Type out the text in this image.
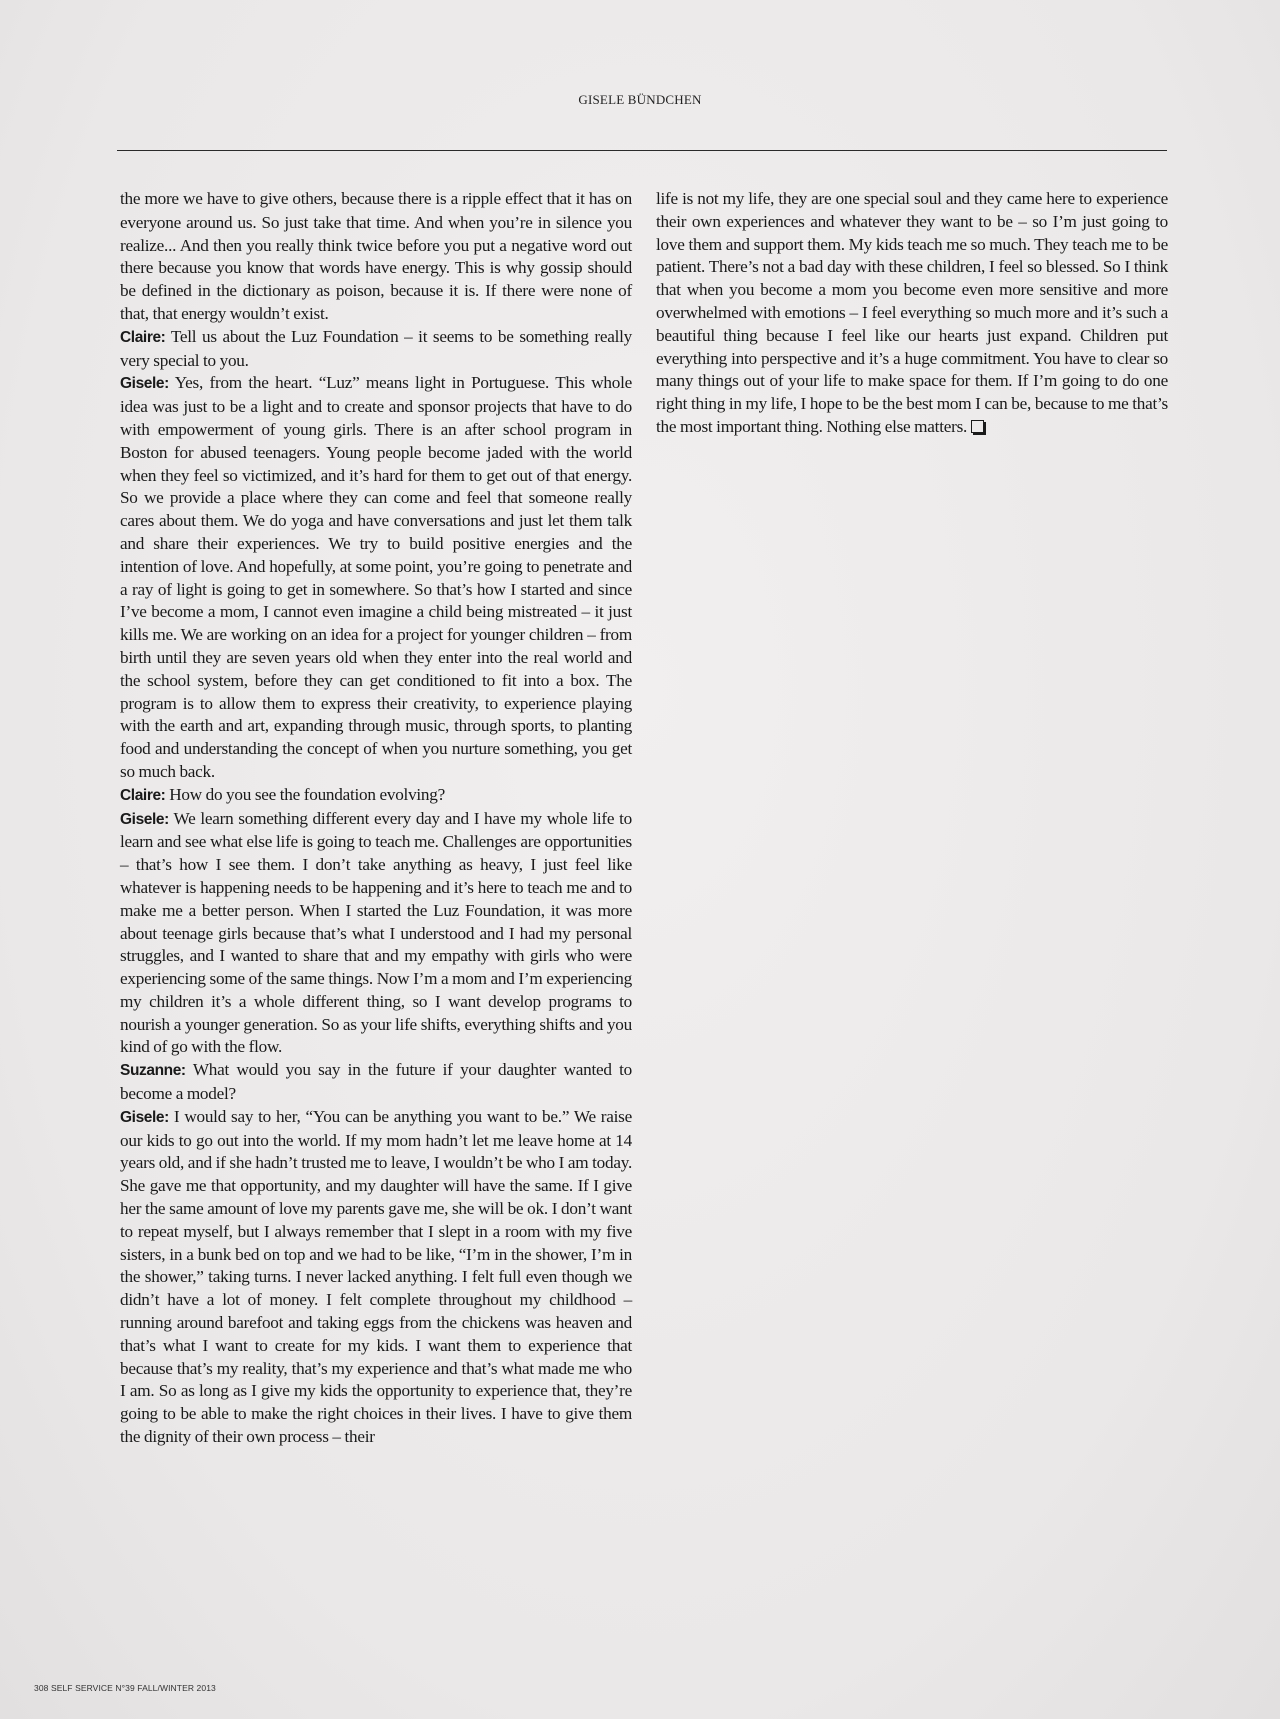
GISELE BÜNDCHEN

the more we have to give others, because there is a ripple effect that it has on everyone around us. So just take that time. And when you’re in silence you realize... And then you really think twice before you put a negative word out there because you know that words have energy. This is why gossip should be defined in the dictionary as poison, because it is. If there were none of that, that energy wouldn’t exist.

Claire: Tell us about the Luz Foundation – it seems to be something really very special to you.

Gisele: Yes, from the heart. “Luz” means light in Portuguese. This whole idea was just to be a light and to create and sponsor projects that have to do with empowerment of young girls. There is an after school program in Boston for abused teenagers. Young people become jaded with the world when they feel so victimized, and it’s hard for them to get out of that energy. So we provide a place where they can come and feel that someone really cares about them. We do yoga and have conversations and just let them talk and share their experiences. We try to build positive energies and the intention of love. And hopefully, at some point, you’re going to penetrate and a ray of light is going to get in somewhere. So that’s how I started and since I’ve become a mom, I cannot even imagine a child being mistreated – it just kills me. We are working on an idea for a project for younger children – from birth until they are seven years old when they enter into the real world and the school system, before they can get conditioned to fit into a box. The program is to allow them to express their creativity, to experience playing with the earth and art, expanding through music, through sports, to planting food and understanding the concept of when you nurture something, you get so much back.

Claire: How do you see the foundation evolving?

Gisele: We learn something different every day and I have my whole life to learn and see what else life is going to teach me. Challenges are opportunities – that’s how I see them. I don’t take anything as heavy, I just feel like whatever is happening needs to be happening and it’s here to teach me and to make me a better person. When I started the Luz Foundation, it was more about teenage girls because that’s what I understood and I had my personal struggles, and I wanted to share that and my empathy with girls who were experiencing some of the same things. Now I’m a mom and I’m experiencing my children it’s a whole different thing, so I want develop programs to nourish a younger generation. So as your life shifts, everything shifts and you kind of go with the flow.

Suzanne: What would you say in the future if your daughter wanted to become a model?

Gisele: I would say to her, “You can be anything you want to be.” We raise our kids to go out into the world. If my mom hadn’t let me leave home at 14 years old, and if she hadn’t trusted me to leave, I wouldn’t be who I am today. She gave me that opportunity, and my daughter will have the same. If I give her the same amount of love my parents gave me, she will be ok. I don’t want to repeat myself, but I always remember that I slept in a room with my five sisters, in a bunk bed on top and we had to be like, “I’m in the shower, I’m in the shower,” taking turns. I never lacked anything. I felt full even though we didn’t have a lot of money. I felt complete throughout my childhood – running around barefoot and taking eggs from the chickens was heaven and that’s what I want to create for my kids. I want them to experience that because that’s my reality, that’s my experience and that’s what made me who I am. So as long as I give my kids the opportunity to experience that, they’re going to be able to make the right choices in their lives. I have to give them the dignity of their own process – their

life is not my life, they are one special soul and they came here to experience their own experiences and whatever they want to be – so I’m just going to love them and support them. My kids teach me so much. They teach me to be patient. There’s not a bad day with these children, I feel so blessed. So I think that when you become a mom you become even more sensitive and more overwhelmed with emotions – I feel everything so much more and it’s such a beautiful thing because I feel like our hearts just expand. Children put everything into perspective and it’s a huge commitment. You have to clear so many things out of your life to make space for them. If I’m going to do one right thing in my life, I hope to be the best mom I can be, because to me that’s the most important thing. Nothing else matters.

308 SELF SERVICE N°39 FALL/WINTER 2013
